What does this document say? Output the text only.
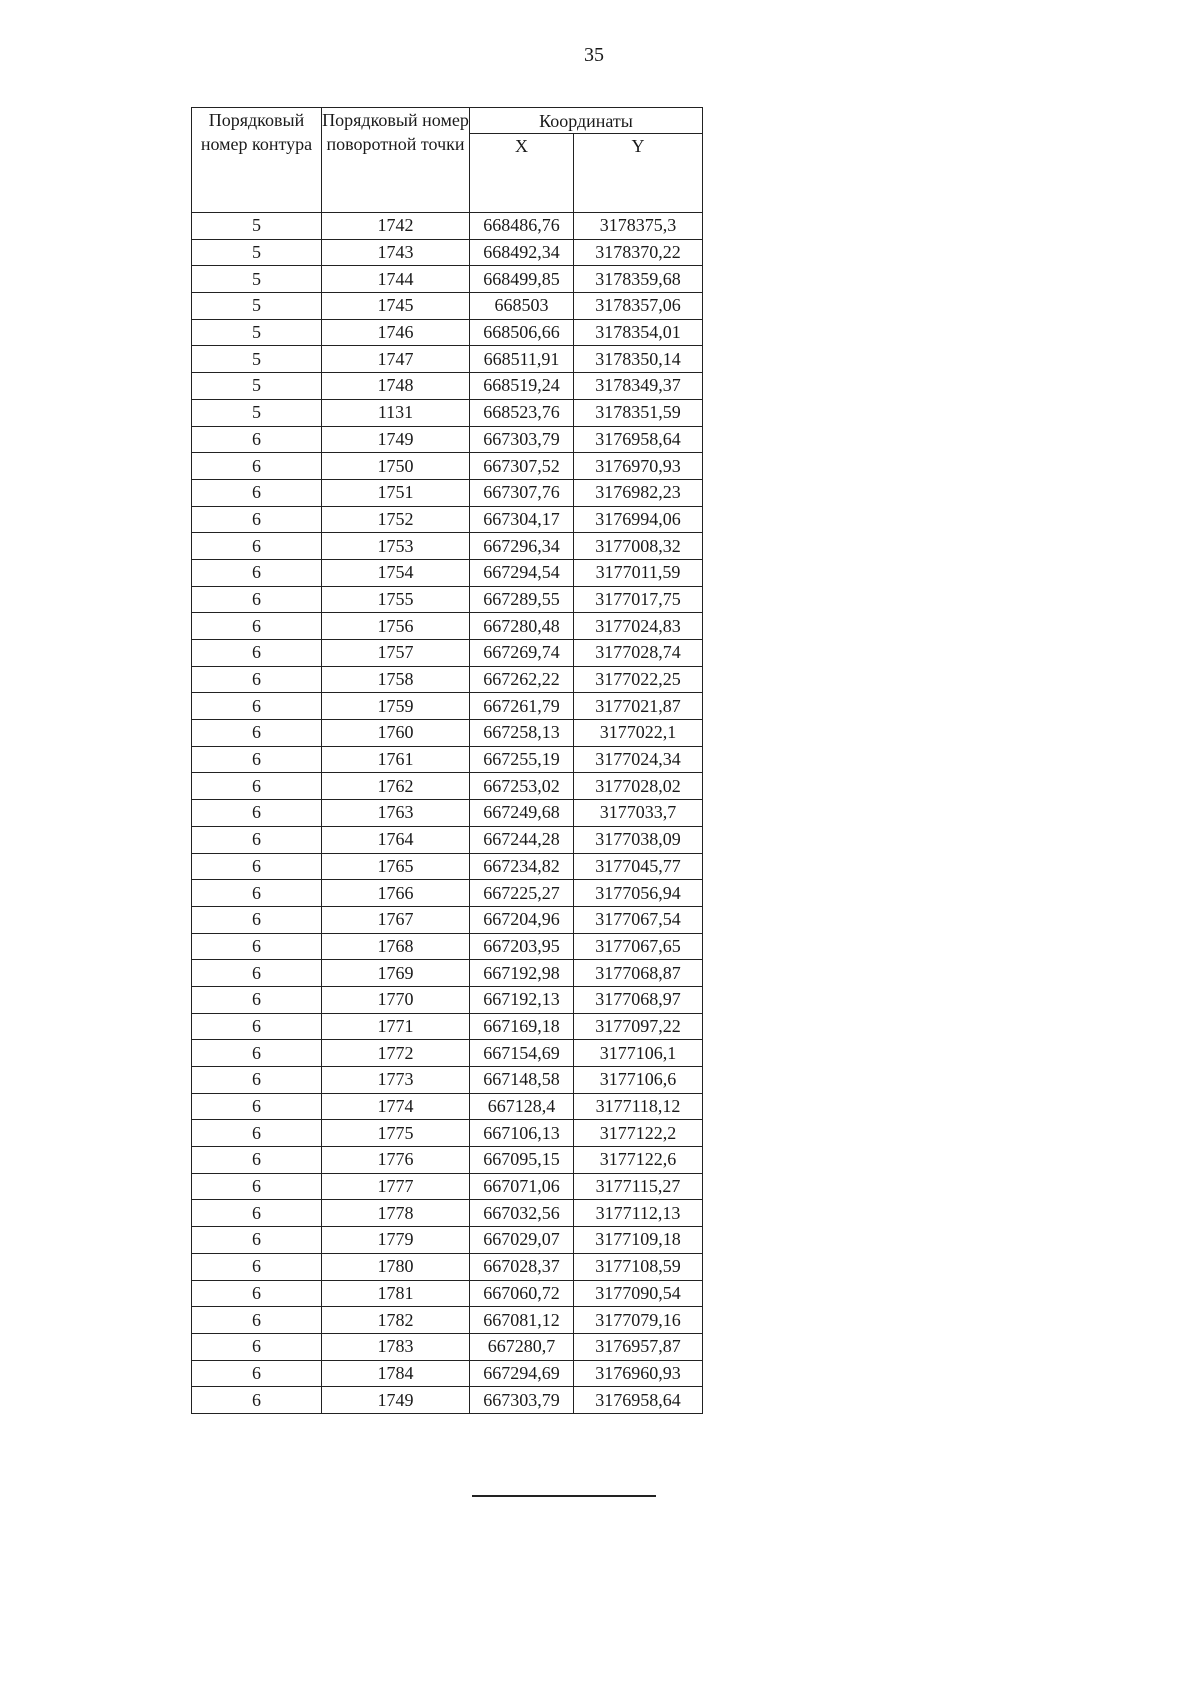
35
Порядковый номер контура	Порядковый номер поворотной точки	Координаты	
		X	Y
5	1742	668486,76	3178375,3
5	1743	668492,34	3178370,22
5	1744	668499,85	3178359,68
5	1745	668503	3178357,06
5	1746	668506,66	3178354,01
5	1747	668511,91	3178350,14
5	1748	668519,24	3178349,37
5	1131	668523,76	3178351,59
6	1749	667303,79	3176958,64
6	1750	667307,52	3176970,93
6	1751	667307,76	3176982,23
6	1752	667304,17	3176994,06
6	1753	667296,34	3177008,32
6	1754	667294,54	3177011,59
6	1755	667289,55	3177017,75
6	1756	667280,48	3177024,83
6	1757	667269,74	3177028,74
6	1758	667262,22	3177022,25
6	1759	667261,79	3177021,87
6	1760	667258,13	3177022,1
6	1761	667255,19	3177024,34
6	1762	667253,02	3177028,02
6	1763	667249,68	3177033,7
6	1764	667244,28	3177038,09
6	1765	667234,82	3177045,77
6	1766	667225,27	3177056,94
6	1767	667204,96	3177067,54
6	1768	667203,95	3177067,65
6	1769	667192,98	3177068,87
6	1770	667192,13	3177068,97
6	1771	667169,18	3177097,22
6	1772	667154,69	3177106,1
6	1773	667148,58	3177106,6
6	1774	667128,4	3177118,12
6	1775	667106,13	3177122,2
6	1776	667095,15	3177122,6
6	1777	667071,06	3177115,27
6	1778	667032,56	3177112,13
6	1779	667029,07	3177109,18
6	1780	667028,37	3177108,59
6	1781	667060,72	3177090,54
6	1782	667081,12	3177079,16
6	1783	667280,7	3176957,87
6	1784	667294,69	3176960,93
6	1749	667303,79	3176958,64
